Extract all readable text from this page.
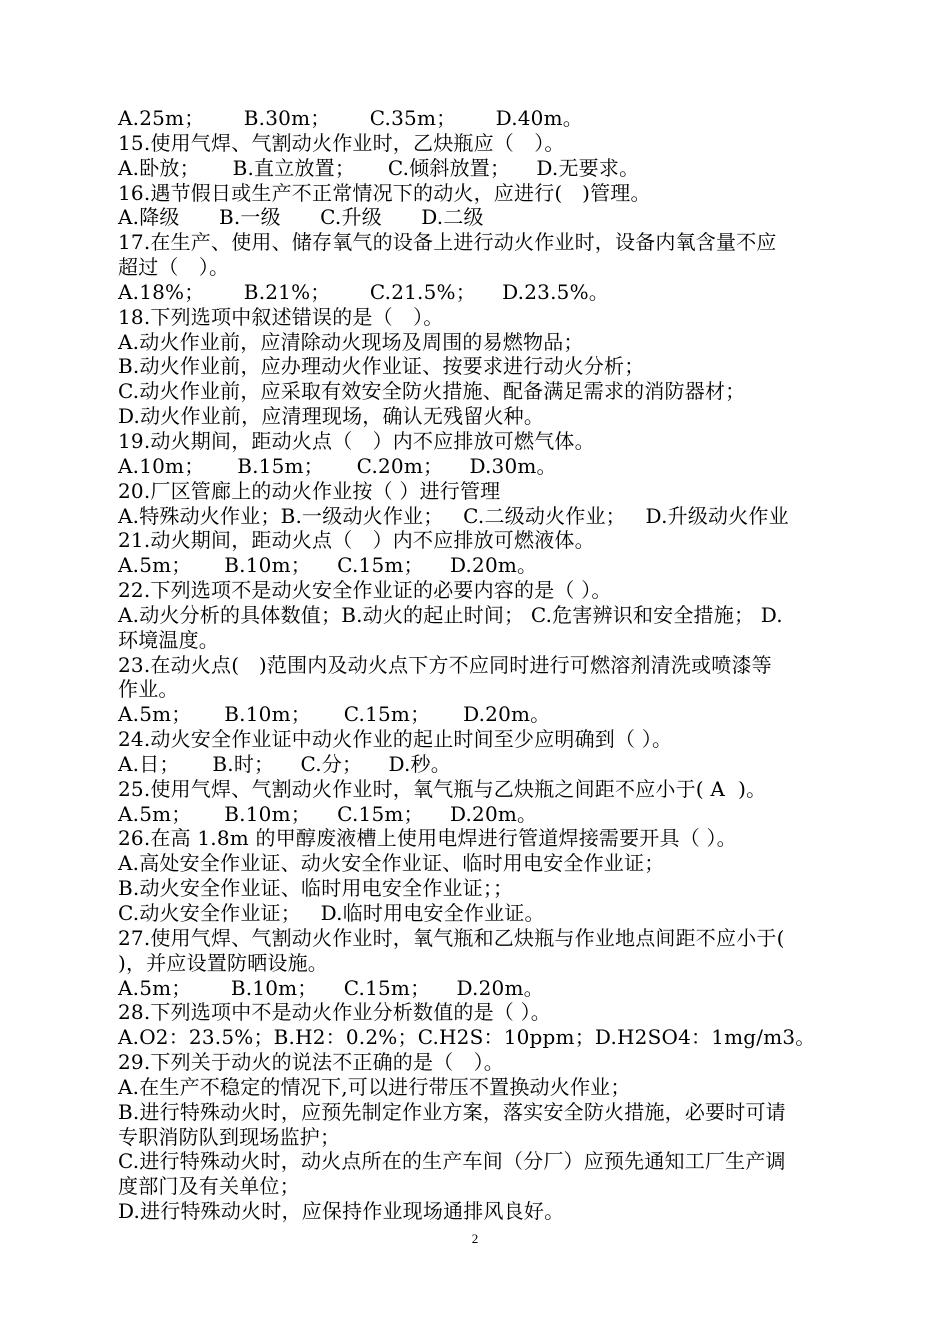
A.25m；      B.30m；      C.35m；      D.40m。
15.使用气焊、气割动火作业时，乙炔瓶应（　）。
A.卧放；     B.直立放置；     C.倾斜放置；    D.无要求。
16.遇节假日或生产不正常情况下的动火，应进行(   )管理。
A.降级      B.一级      C.升级      D.二级
17.在生产、使用、储存氧气的设备上进行动火作业时，设备内氧含量不应
超过（　）。
A.18%；      B.21%；      C.21.5%；    D.23.5%。
18.下列选项中叙述错误的是（　）。
A.动火作业前，应清除动火现场及周围的易燃物品；
B.动火作业前，应办理动火作业证、按要求进行动火分析；
C.动火作业前，应采取有效安全防火措施、配备满足需求的消防器材；
D.动火作业前，应清理现场，确认无残留火种。
19.动火期间，距动火点（　）内不应排放可燃气体。
A.10m；     B.15m；     C.20m；    D.30m。
20.厂区管廊上的动火作业按（ ）进行管理
A.特殊动火作业；B.一级动火作业；   C.二级动火作业；   D.升级动火作业
21.动火期间，距动火点（　）内不应排放可燃液体。
A.5m；     B.10m；    C.15m；    D.20m。
22.下列选项不是动火安全作业证的必要内容的是（ ）。
A.动火分析的具体数值；B.动火的起止时间； C.危害辨识和安全措施； D.
环境温度。
23.在动火点(   )范围内及动火点下方不应同时进行可燃溶剂清洗或喷漆等
作业。
A.5m；     B.10m；     C.15m；     D.20m。
24.动火安全作业证中动火作业的起止时间至少应明确到（ ）。
A.日；     B.时；    C.分；    D.秒。
25.使用气焊、气割动火作业时，氧气瓶与乙炔瓶之间距不应小于( A  )。
A.5m；     B.10m；    C.15m；    D.20m。
26.在高 1.8m 的甲醇废液槽上使用电焊进行管道焊接需要开具（ ）。
A.高处安全作业证、动火安全作业证、临时用电安全作业证；
B.动火安全作业证、临时用电安全作业证；；
C.动火安全作业证；   D.临时用电安全作业证。
27.使用气焊、气割动火作业时，氧气瓶和乙炔瓶与作业地点间距不应小于(
)，并应设置防晒设施。
A.5m；      B.10m；    C.15m；    D.20m。
28.下列选项中不是动火作业分析数值的是（ ）。
A.O2：23.5%；B.H2：0.2%；C.H2S：10ppm；D.H2SO4：1mg/m3。
29.下列关于动火的说法不正确的是（　）。
A.在生产不稳定的情况下,可以进行带压不置换动火作业；
B.进行特殊动火时，应预先制定作业方案，落实安全防火措施，必要时可请
专职消防队到现场监护；
C.进行特殊动火时，动火点所在的生产车间（分厂）应预先通知工厂生产调
度部门及有关单位；
D.进行特殊动火时，应保持作业现场通排风良好。
2
